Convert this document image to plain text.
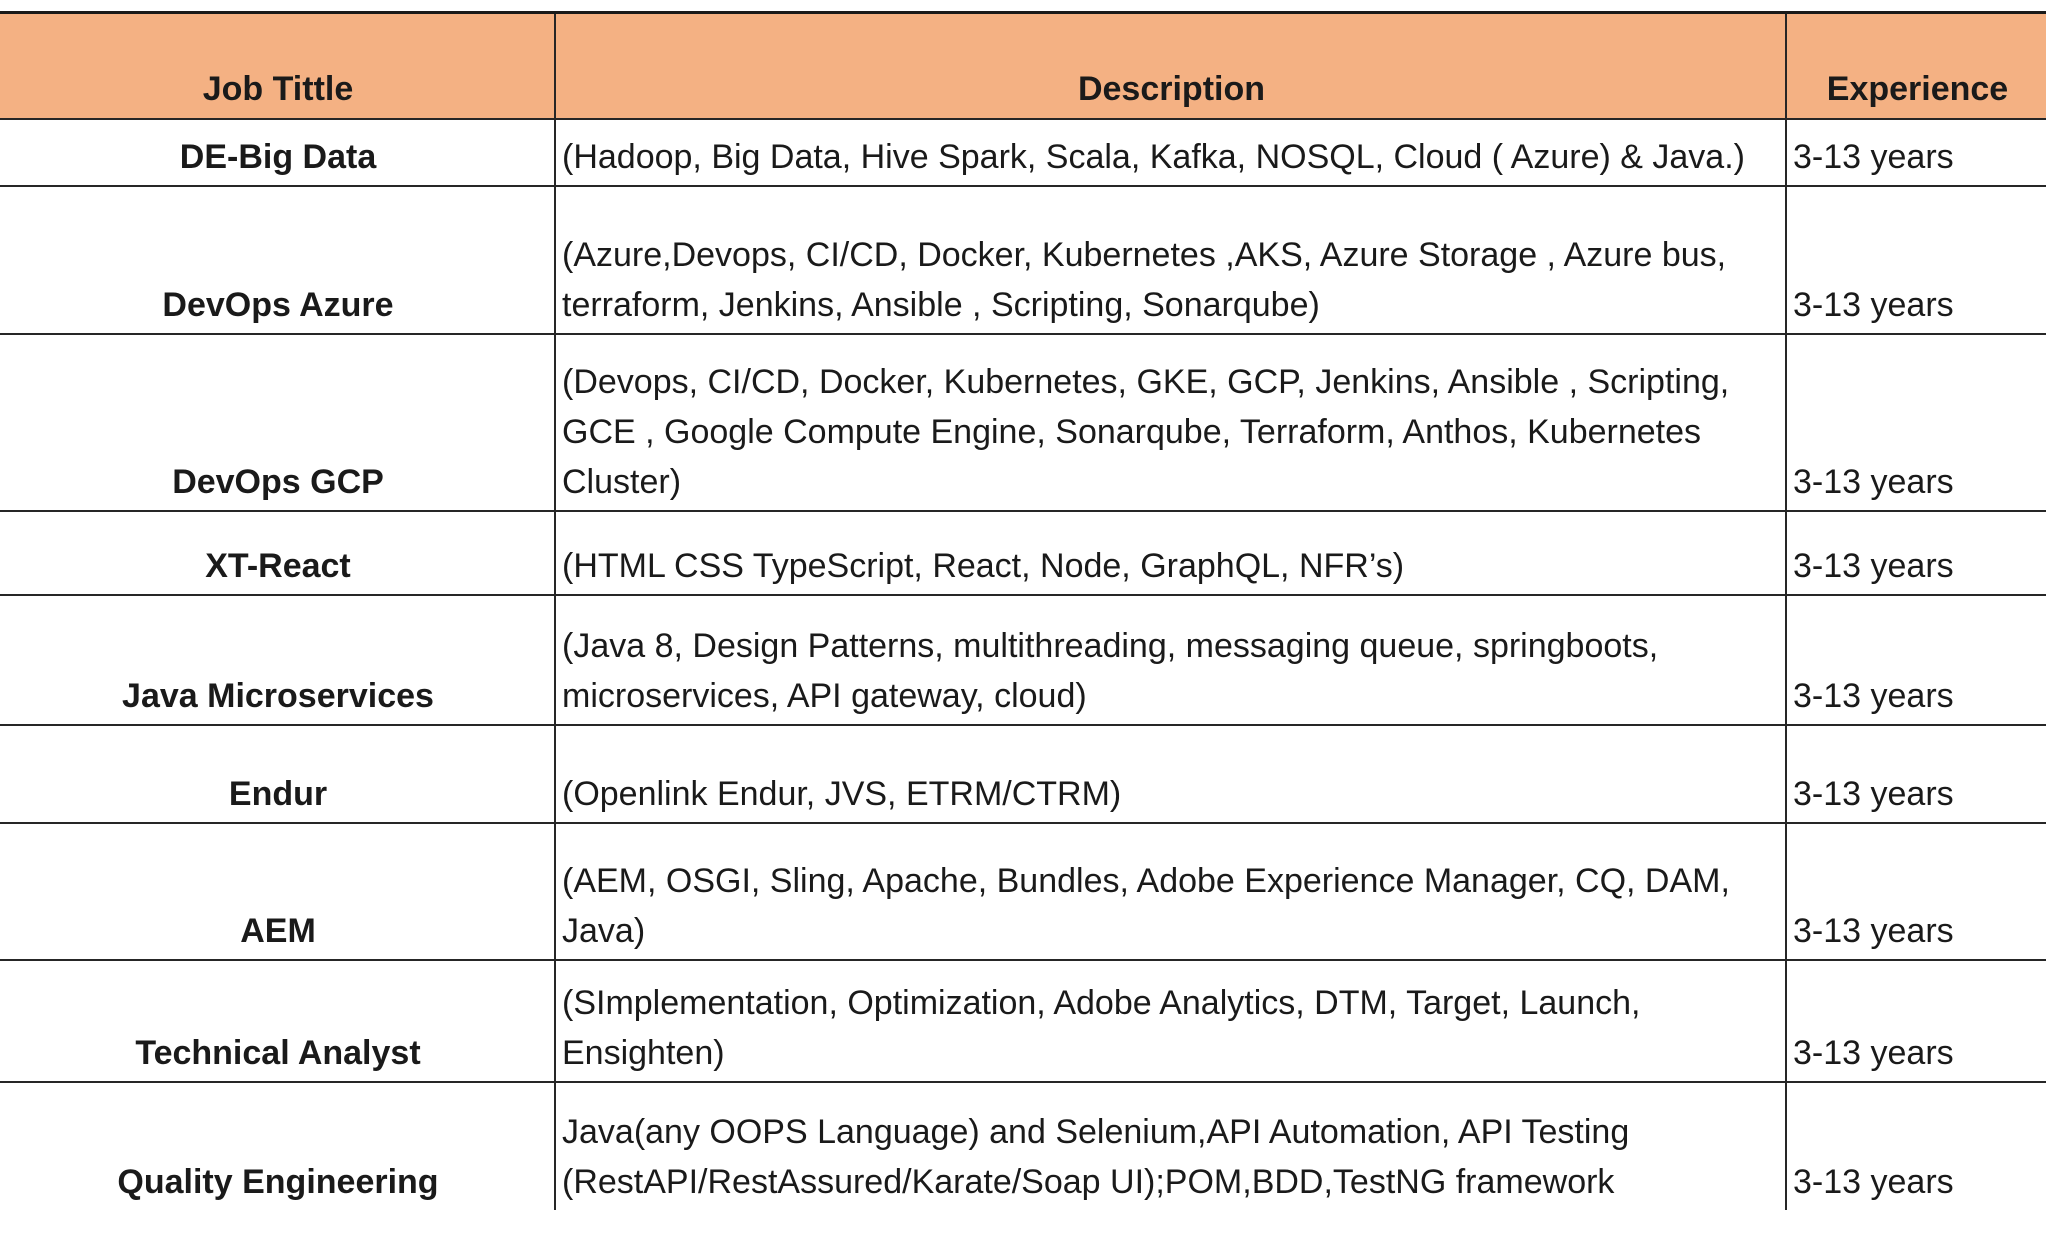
Job Tittle	Description	Experience
DE-Big Data	(Hadoop, Big Data, Hive Spark, Scala, Kafka, NOSQL, Cloud ( Azure) & Java.)	3-13 years
DevOps Azure	(Azure,Devops, CI/CD, Docker, Kubernetes ,AKS, Azure Storage , Azure bus,
terraform, Jenkins, Ansible , Scripting, Sonarqube)	3-13 years
DevOps GCP	(Devops, CI/CD, Docker, Kubernetes, GKE, GCP, Jenkins, Ansible , Scripting,
GCE , Google Compute Engine, Sonarqube, Terraform, Anthos, Kubernetes
Cluster)	3-13 years
XT-React	(HTML CSS TypeScript, React, Node, GraphQL, NFR’s)	3-13 years
Java Microservices	(Java 8, Design Patterns, multithreading, messaging queue, springboots,
microservices, API gateway, cloud)	3-13 years
Endur	(Openlink Endur, JVS, ETRM/CTRM)	3-13 years
AEM	(AEM, OSGI, Sling, Apache, Bundles, Adobe Experience Manager, CQ, DAM,
Java)	3-13 years
Technical Analyst	(SImplementation, Optimization, Adobe Analytics, DTM, Target, Launch,
Ensighten)	3-13 years
Quality Engineering	Java(any OOPS Language) and Selenium,API Automation, API Testing
(RestAPI/RestAssured/Karate/Soap UI);POM,BDD,TestNG framework	3-13 years
